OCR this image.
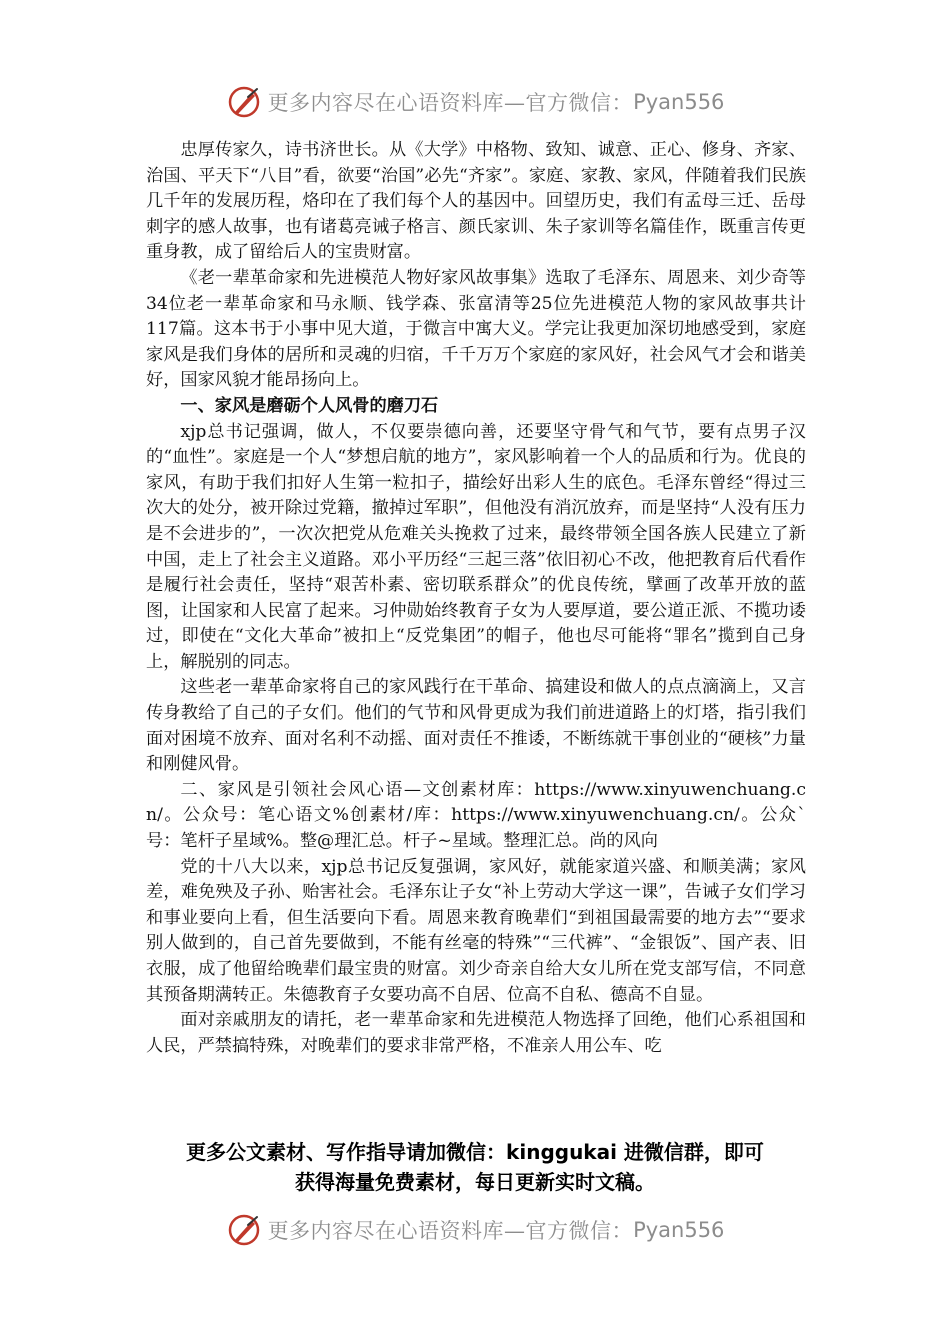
更多内容尽在心语资料库—官方微信： Pyan556

忠厚传家久，诗书济世长。从《大学》中格物、致知、诚意、正心、修身、齐家、治国、平天下“八目”看，欲要“治国”必先“齐家”。家庭、家教、家风，伴随着我们民族几千年的发展历程，烙印在了我们每个人的基因中。回望历史，我们有孟母三迁、岳母刺字的感人故事，也有诸葛亮诫子格言、颜氏家训、朱子家训等名篇佳作，既重言传更重身教，成了留给后人的宝贵财富。

《老一辈革命家和先进模范人物好家风故事集》选取了毛泽东、周恩来、刘少奇等34位老一辈革命家和马永顺、钱学森、张富清等25位先进模范人物的家风故事共计117篇。这本书于小事中见大道，于微言中寓大义。学完让我更加深切地感受到，家庭家风是我们身体的居所和灵魂的归宿，千千万万个家庭的家风好，社会风气才会和谐美好，国家风貌才能昂扬向上。

一、家风是磨砺个人风骨的磨刀石

xjp总书记强调，做人，不仅要崇德向善，还要坚守骨气和气节，要有点男子汉的“血性”。家庭是一个人“梦想启航的地方”，家风影响着一个人的品质和行为。优良的家风，有助于我们扣好人生第一粒扣子，描绘好出彩人生的底色。毛泽东曾经“得过三次大的处分，被开除过党籍，撤掉过军职”，但他没有消沉放弃，而是坚持“人没有压力是不会进步的”，一次次把党从危难关头挽救了过来，最终带领全国各族人民建立了新中国，走上了社会主义道路。邓小平历经“三起三落”依旧初心不改，他把教育后代看作是履行社会责任，坚持“艰苦朴素、密切联系群众”的优良传统，擘画了改革开放的蓝图，让国家和人民富了起来。习仲勋始终教育子女为人要厚道，要公道正派、不揽功诿过，即使在“文化大革命”被扣上“反党集团”的帽子，他也尽可能将“罪名”揽到自己身上，解脱别的同志。

这些老一辈革命家将自己的家风践行在干革命、搞建设和做人的点点滴滴上，又言传身教给了自己的子女们。他们的气节和风骨更成为我们前进道路上的灯塔，指引我们面对困境不放弃、面对名利不动摇、面对责任不推诿，不断练就干事创业的“硬核”力量和刚健风骨。

二、家风是引领社会风心语—文创素材库：https://www.xinyuwenchuang.cn/。公众号：笔心语文%创素材/库：https://www.xinyuwenchuang.cn/。公众`号：笔杆子星域%。整@理汇总。杆子~星域。整理汇总。尚的风向

党的十八大以来，xjp总书记反复强调，家风好，就能家道兴盛、和顺美满；家风差，难免殃及子孙、贻害社会。毛泽东让子女“补上劳动大学这一课”，告诫子女们学习和事业要向上看，但生活要向下看。周恩来教育晚辈们“到祖国最需要的地方去”“要求别人做到的，自己首先要做到，不能有丝毫的特殊”“三代裤”、“金银饭”、国产表、旧衣服，成了他留给晚辈们最宝贵的财富。刘少奇亲自给大女儿所在党支部写信，不同意其预备期满转正。朱德教育子女要功高不自居、位高不自私、德高不自显。

面对亲戚朋友的请托，老一辈革命家和先进模范人物选择了回绝，他们心系祖国和人民，严禁搞特殊，对晚辈们的要求非常严格，不准亲人用公车、吃

更多公文素材、写作指导请加微信：kinggukai 进微信群，即可
获得海量免费素材，每日更新实时文稿。
更多内容尽在心语资料库—官方微信： Pyan556
